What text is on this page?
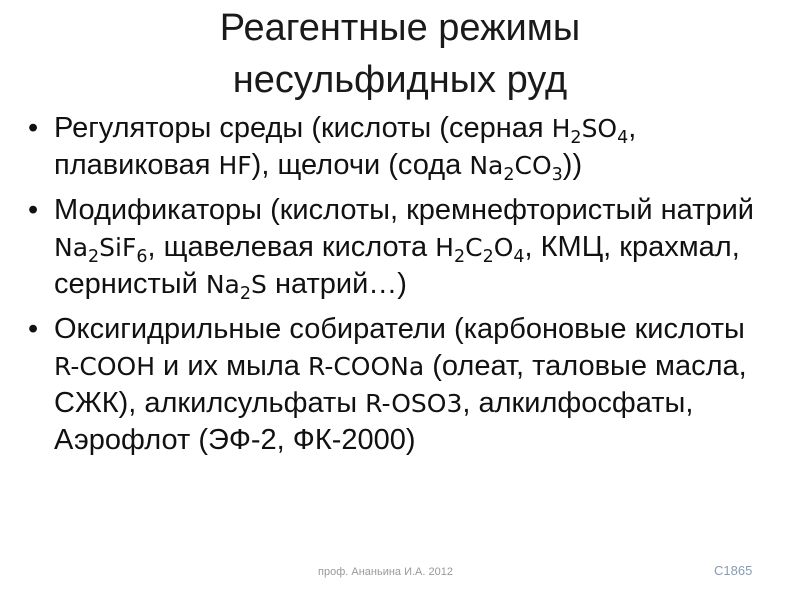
Реагентные режимы
несульфидных руд
• Регуляторы среды (кислоты (серная $H_2SO_4$, плавиковая HF), щелочи (сода $Na_2CO_3$))
• Модификаторы (кислоты, кремнефтористый натрий $Na_2SiF_6$, щавелевая кислота $H_2C_2O_4$, КМЦ, крахмал, сернистый $Na_2S$ натрий…)
• Оксигидрильные собиратели (карбоновые кислоты R-COOH и их мыла R-COONa (олеат, таловые масла, СЖК), алкилсульфаты R-OSO3, алкилфосфаты, Аэрофлот (ЭФ-2, ФК-2000)
проф. Ананьина И.А. 2012	C1865
